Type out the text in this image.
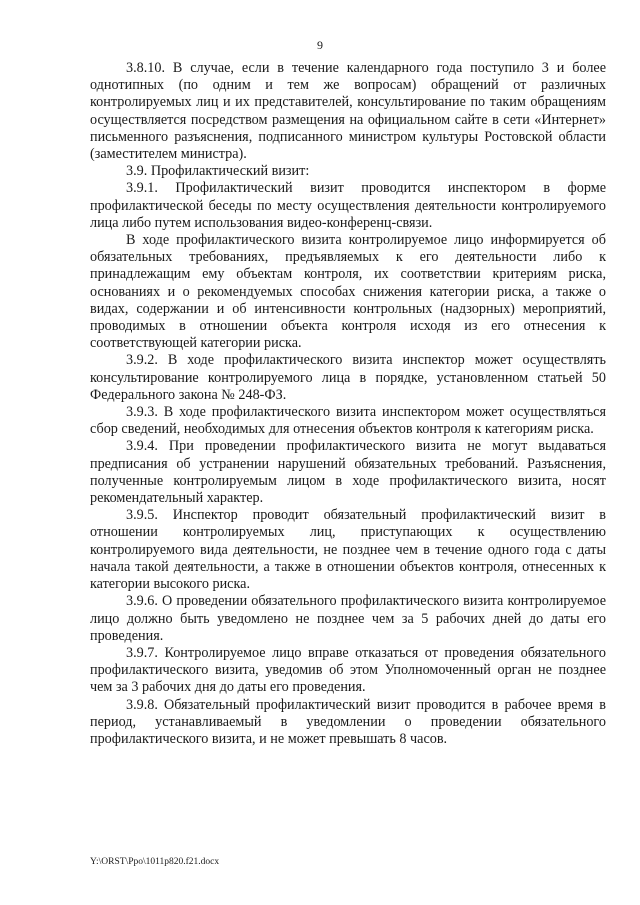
9

3.8.10. В случае, если в течение календарного года поступило 3 и более однотипных (по одним и тем же вопросам) обращений от различных контролируемых лиц и их представителей, консультирование по таким обращениям осуществляется посредством размещения на официальном сайте в сети «Интернет» письменного разъяснения, подписанного министром культуры Ростовской области (заместителем министра).

3.9. Профилактический визит:

3.9.1. Профилактический визит проводится инспектором в форме профилактической беседы по месту осуществления деятельности контролируемого лица либо путем использования видео-конференц-связи.

В ходе профилактического визита контролируемое лицо информируется об обязательных требованиях, предъявляемых к его деятельности либо к принадлежащим ему объектам контроля, их соответствии критериям риска, основаниях и о рекомендуемых способах снижения категории риска, а также о видах, содержании и об интенсивности контрольных (надзорных) мероприятий, проводимых в отношении объекта контроля исходя из его отнесения к соответствующей категории риска.

3.9.2. В ходе профилактического визита инспектор может осуществлять консультирование контролируемого лица в порядке, установленном статьей 50 Федерального закона № 248-ФЗ.

3.9.3. В ходе профилактического визита инспектором может осуществляться сбор сведений, необходимых для отнесения объектов контроля к категориям риска.

3.9.4. При проведении профилактического визита не могут выдаваться предписания об устранении нарушений обязательных требований. Разъяснения, полученные контролируемым лицом в ходе профилактического визита, носят рекомендательный характер.

3.9.5. Инспектор проводит обязательный профилактический визит в отношении контролируемых лиц, приступающих к осуществлению контролируемого вида деятельности, не позднее чем в течение одного года с даты начала такой деятельности, а также в отношении объектов контроля, отнесенных к категории высокого риска.

3.9.6. О проведении обязательного профилактического визита контролируемое лицо должно быть уведомлено не позднее чем за 5 рабочих дней до даты его проведения.

3.9.7. Контролируемое лицо вправе отказаться от проведения обязательного профилактического визита, уведомив об этом Уполномоченный орган не позднее чем за 3 рабочих дня до даты его проведения.

3.9.8. Обязательный профилактический визит проводится в рабочее время в период, устанавливаемый в уведомлении о проведении обязательного профилактического визита, и не может превышать 8 часов.

Y:\ORST\Ppo\1011p820.f21.docx
